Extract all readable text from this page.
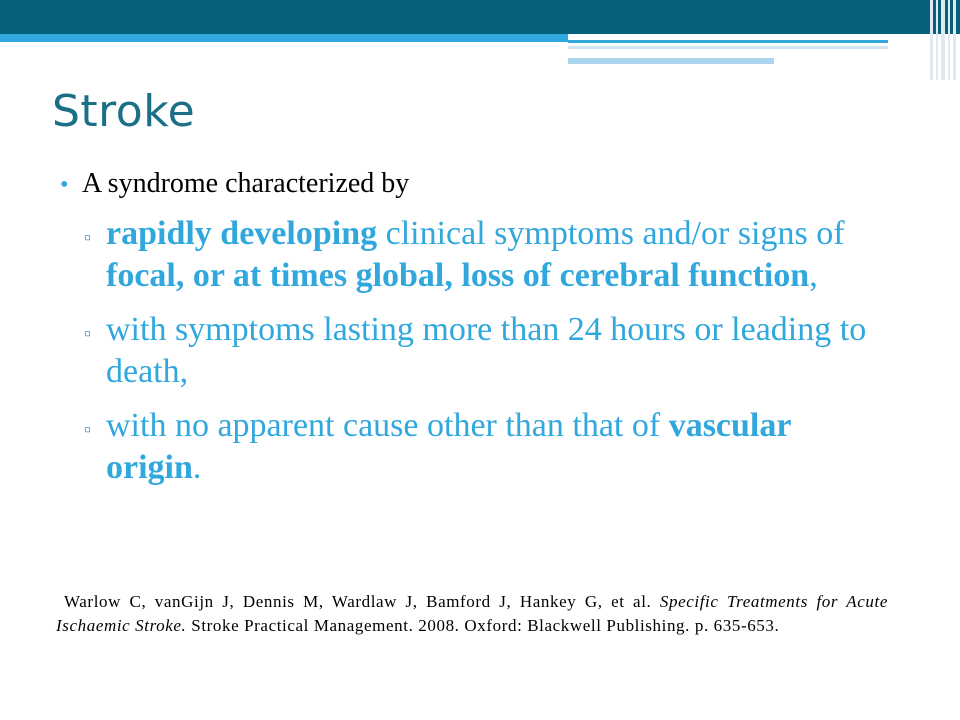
Stroke
• A syndrome characterized by
▫ rapidly developing clinical symptoms and/or signs of focal, or at times global, loss of cerebral function,
▫ with symptoms lasting more than 24 hours or leading to death,
▫ with no apparent cause other than that of vascular origin.
Warlow C, vanGijn J, Dennis M, Wardlaw J, Bamford J, Hankey G, et al. Specific Treatments for Acute Ischaemic Stroke. Stroke Practical Management. 2008. Oxford: Blackwell Publishing. p. 635-653.
